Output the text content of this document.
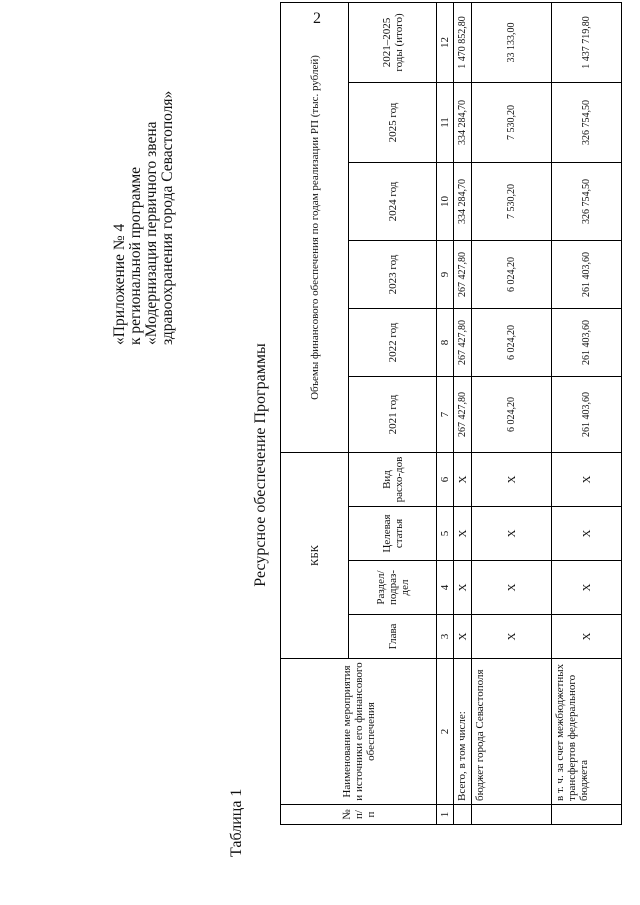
2
Таблица 1
«Приложение № 4 к региональной программе «Модернизация первичного звена здравоохранения города Севастополя»
Ресурсное обеспечение Программы
№ п/п	Наименование мероприятия и источники его финансового обеспечения	КБК				Объемы финансового обеспечения по годам реализации РП (тыс. рублей)					
		Глава	Раздел/ подраз-дел	Целевая статья	Вид расхо-дов	2021 год	2022 год	2023 год	2024 год	2025 год	2021–2025 годы (итого)
1	2	3	4	5	6	7	8	9	10	11	12
	Всего, в том числе:	Х	Х	Х	Х	267 427,80	267 427,80	267 427,80	334 284,70	334 284,70	1 470 852,80
	бюджет города Севастополя	Х	Х	Х	Х	6 024,20	6 024,20	6 024,20	7 530,20	7 530,20	33 133,00
	в т. ч. за счет межбюджетных трансфертов федерального бюджета	Х	Х	Х	Х	261 403,60	261 403,60	261 403,60	326 754,50	326 754,50	1 437 719,80
